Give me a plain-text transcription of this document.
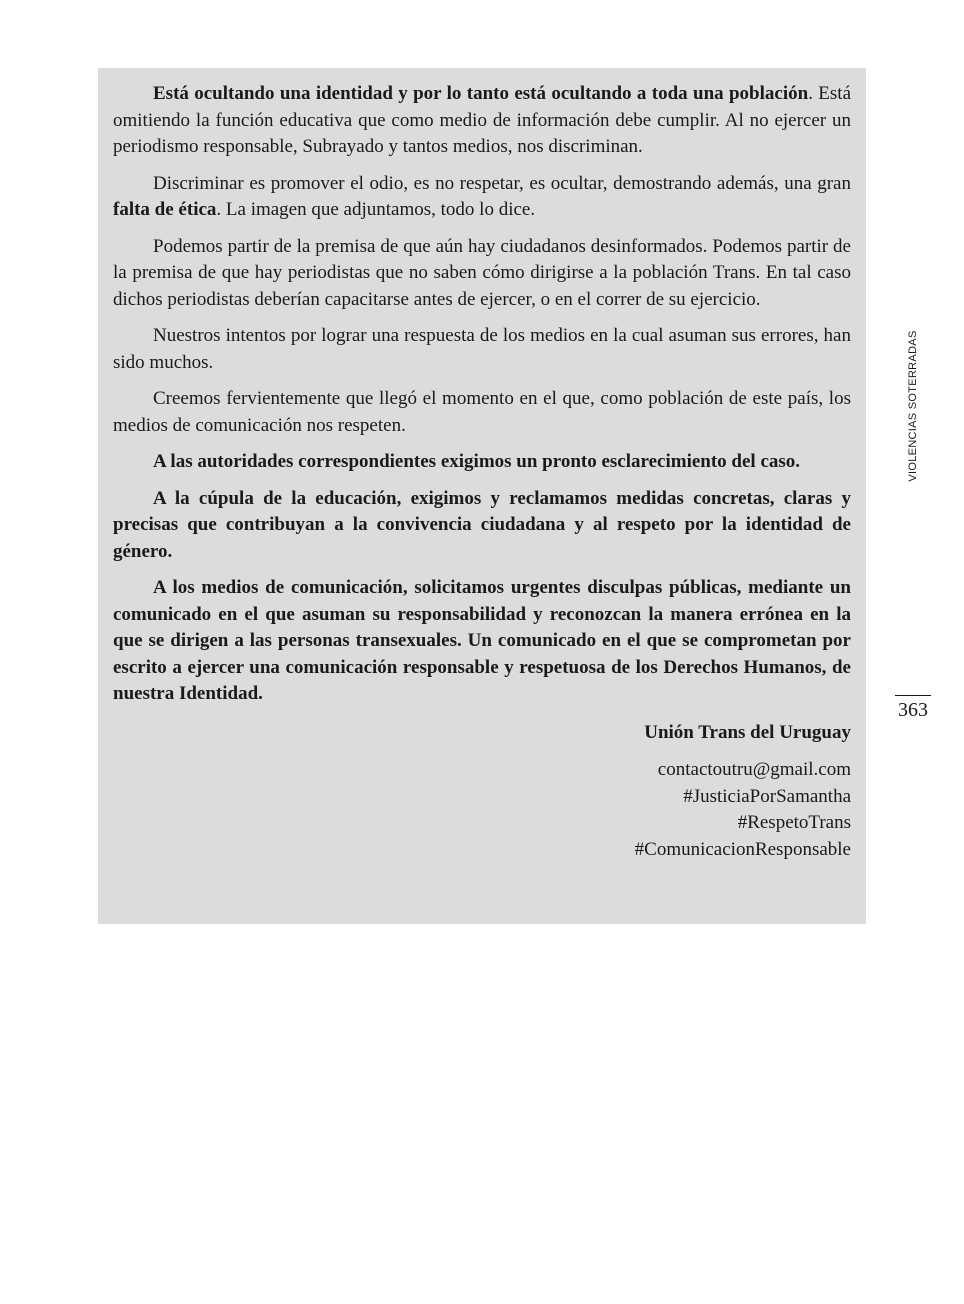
Está ocultando una identidad y por lo tanto está ocultando a toda una población. Está omitiendo la función educativa que como medio de información debe cumplir. Al no ejercer un periodismo responsable, Subrayado y tantos medios, nos discriminan.

Discriminar es promover el odio, es no respetar, es ocultar, demostrando además, una gran falta de ética. La imagen que adjuntamos, todo lo dice.

Podemos partir de la premisa de que aún hay ciudadanos desinformados. Podemos partir de la premisa de que hay periodistas que no saben cómo dirigirse a la población Trans. En tal caso dichos periodistas deberían capacitarse antes de ejercer, o en el correr de su ejercicio.

Nuestros intentos por lograr una respuesta de los medios en la cual asuman sus errores, han sido muchos.

Creemos fervientemente que llegó el momento en el que, como población de este país, los medios de comunicación nos respeten.

A las autoridades correspondientes exigimos un pronto esclarecimiento del caso.

A la cúpula de la educación, exigimos y reclamamos medidas concretas, claras y precisas que contribuyan a la convivencia ciudadana y al respeto por la identidad de género.

A los medios de comunicación, solicitamos urgentes disculpas públicas, mediante un comunicado en el que asuman su responsabilidad y reconozcan la manera errónea en la que se dirigen a las personas transexuales. Un comunicado en el que se comprometan por escrito a ejercer una comunicación responsable y respetuosa de los Derechos Humanos, de nuestra Identidad.

Unión Trans del Uruguay

contactoutru@gmail.com

#JusticiaPorSamantha

#RespetoTrans

#ComunicacionResponsable

VIOLENCIAS SOTERRADAS
363
